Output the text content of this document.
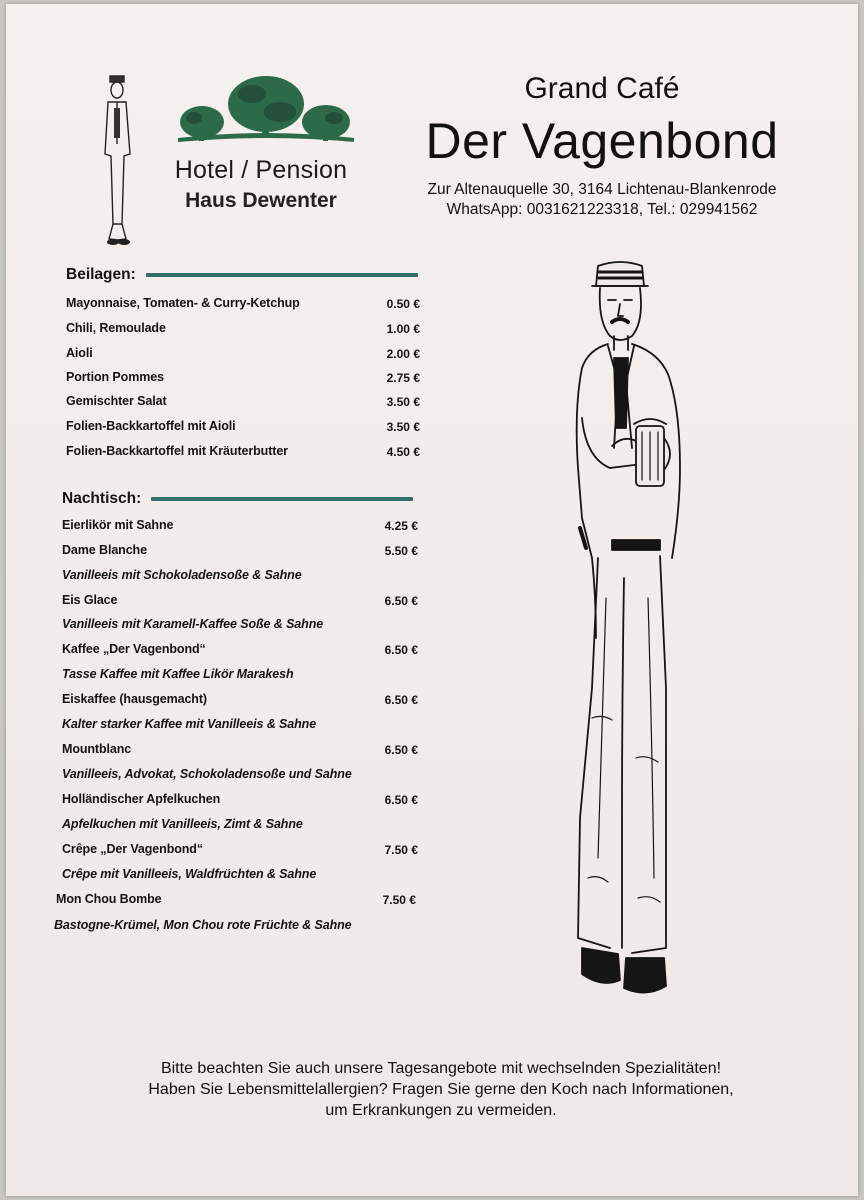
Hotel / Pension
Haus Dewenter
Grand Café
Der Vagenbond
Zur Altenauquelle 30, 3164 Lichtenau-Blankenrode
WhatsApp: 0031621223318, Tel.: 029941562
Beilagen:
Mayonnaise, Tomaten- & Curry-Ketchup	0.50 €
Chili, Remoulade	1.00 €
Aioli	2.00 €
Portion Pommes	2.75 €
Gemischter Salat	3.50 €
Folien-Backkartoffel mit Aioli	3.50 €
Folien-Backkartoffel mit Kräuterbutter	4.50 €
Nachtisch:
Eierlikör mit Sahne	4.25 €
Dame Blanche	5.50 €
Vanilleeis mit Schokoladensoße & Sahne
Eis Glace	6.50 €
Vanilleeis mit Karamell-Kaffee Soße & Sahne
Kaffee „Der Vagenbond“	6.50 €
Tasse Kaffee mit Kaffee Likör Marakesh
Eiskaffee (hausgemacht)	6.50 €
Kalter starker Kaffee mit Vanilleeis & Sahne
Mountblanc	6.50 €
Vanilleeis, Advokat, Schokoladensoße und Sahne
Holländischer Apfelkuchen	6.50 €
Apfelkuchen mit Vanilleeis, Zimt & Sahne
Crêpe „Der Vagenbond“	7.50 €
Crêpe mit Vanilleeis, Waldfrüchten & Sahne
Mon Chou Bombe	7.50 €
Bastogne-Krümel, Mon Chou rote Früchte & Sahne
Bitte beachten Sie auch unsere Tagesangebote mit wechselnden Spezialitäten!
Haben Sie Lebensmittelallergien? Fragen Sie gerne den Koch nach Informationen,
um Erkrankungen zu vermeiden.
